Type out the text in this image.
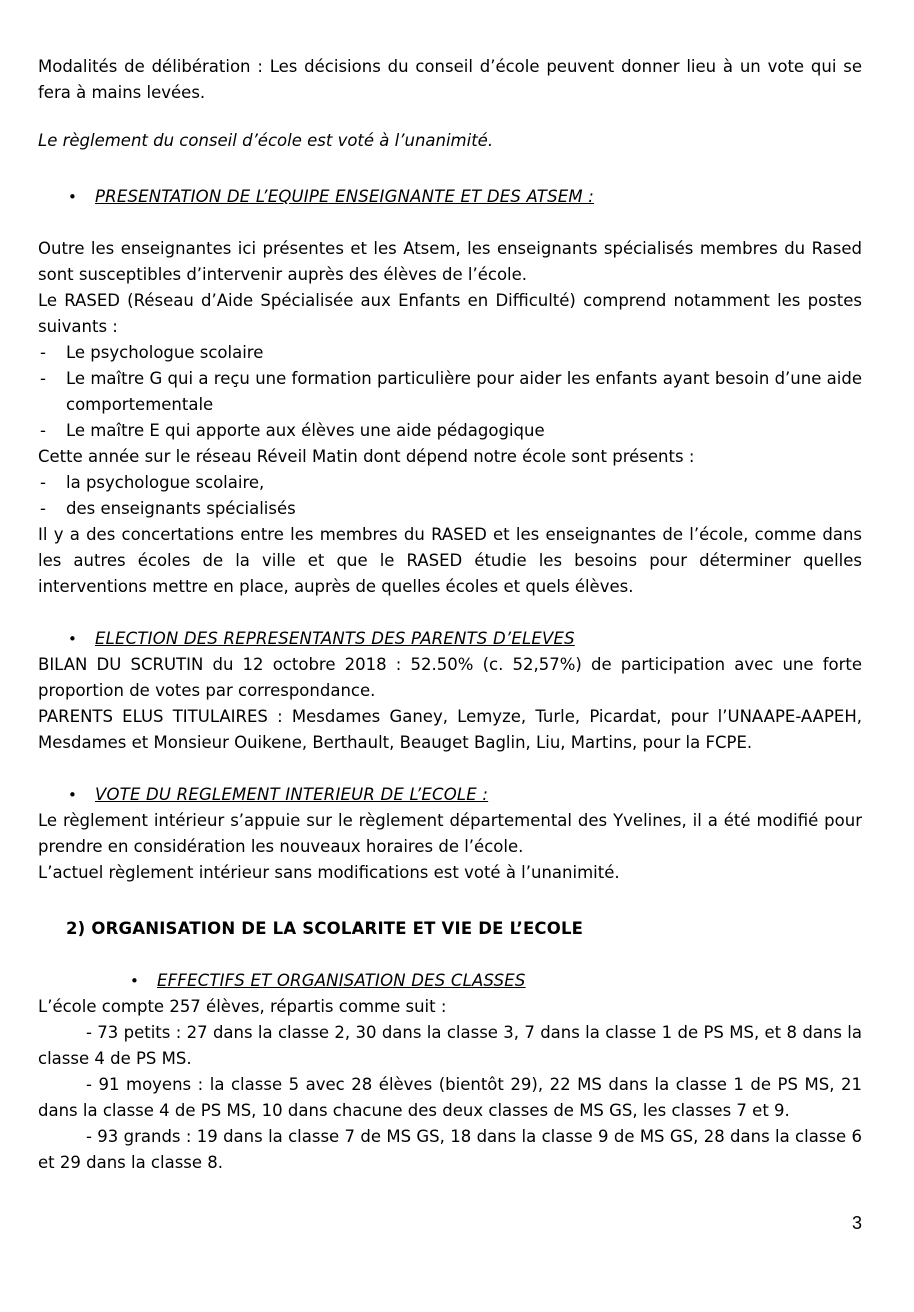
Modalités de délibération : Les décisions du conseil d’école peuvent donner lieu à un vote qui se fera à mains levées.

Le règlement du conseil d’école est voté à l’unanimité.

•	PRESENTATION DE L’EQUIPE ENSEIGNANTE ET DES ATSEM :

Outre les enseignantes ici présentes et les Atsem, les enseignants spécialisés membres du Rased sont susceptibles d’intervenir auprès des élèves de l’école.

Le RASED (Réseau d’Aide Spécialisée aux Enfants en Difficulté) comprend notamment les postes suivants :

- Le psychologue scolaire

- Le maître G qui a reçu une formation particulière pour aider les enfants ayant besoin d’une aide comportementale

- Le maître E qui apporte aux élèves une aide pédagogique

Cette année sur le réseau Réveil Matin dont dépend notre école sont présents :

- la psychologue scolaire,

- des enseignants spécialisés

Il y a des concertations entre les membres du RASED et les enseignantes de l’école, comme dans les autres écoles de la ville et que le RASED étudie les besoins pour déterminer quelles interventions mettre en place, auprès de quelles écoles et quels élèves.

•	ELECTION DES REPRESENTANTS DES PARENTS D’ELEVES

BILAN DU SCRUTIN du 12 octobre 2018 : 52.50% (c. 52,57%) de participation avec une forte proportion de votes par correspondance.

PARENTS ELUS TITULAIRES : Mesdames Ganey, Lemyze, Turle, Picardat, pour l’UNAAPE-AAPEH, Mesdames et Monsieur Ouikene, Berthault, Beauget Baglin, Liu, Martins, pour la FCPE.

•	VOTE DU REGLEMENT INTERIEUR DE L’ECOLE :

Le règlement intérieur s’appuie sur le règlement départemental des Yvelines, il a été modifié pour prendre en considération les nouveaux horaires de l’école.

L’actuel règlement intérieur sans modifications est voté à l’unanimité.

2) ORGANISATION DE LA SCOLARITE ET VIE DE L’ECOLE
•	EFFECTIFS ET ORGANISATION DES CLASSES

L’école compte 257 élèves, répartis comme suit :

- 73 petits : 27 dans la classe 2, 30 dans la classe 3, 7 dans la classe 1 de PS MS, et 8 dans la classe 4 de PS MS.

- 91 moyens : la classe 5 avec 28 élèves (bientôt 29), 22 MS dans la classe 1 de PS MS, 21 dans la classe 4 de PS MS, 10 dans chacune des deux classes de MS GS, les classes 7 et 9.

- 93 grands : 19 dans la classe 7 de MS GS, 18 dans la classe 9 de MS GS, 28 dans la classe 6 et 29 dans la classe 8.

3
